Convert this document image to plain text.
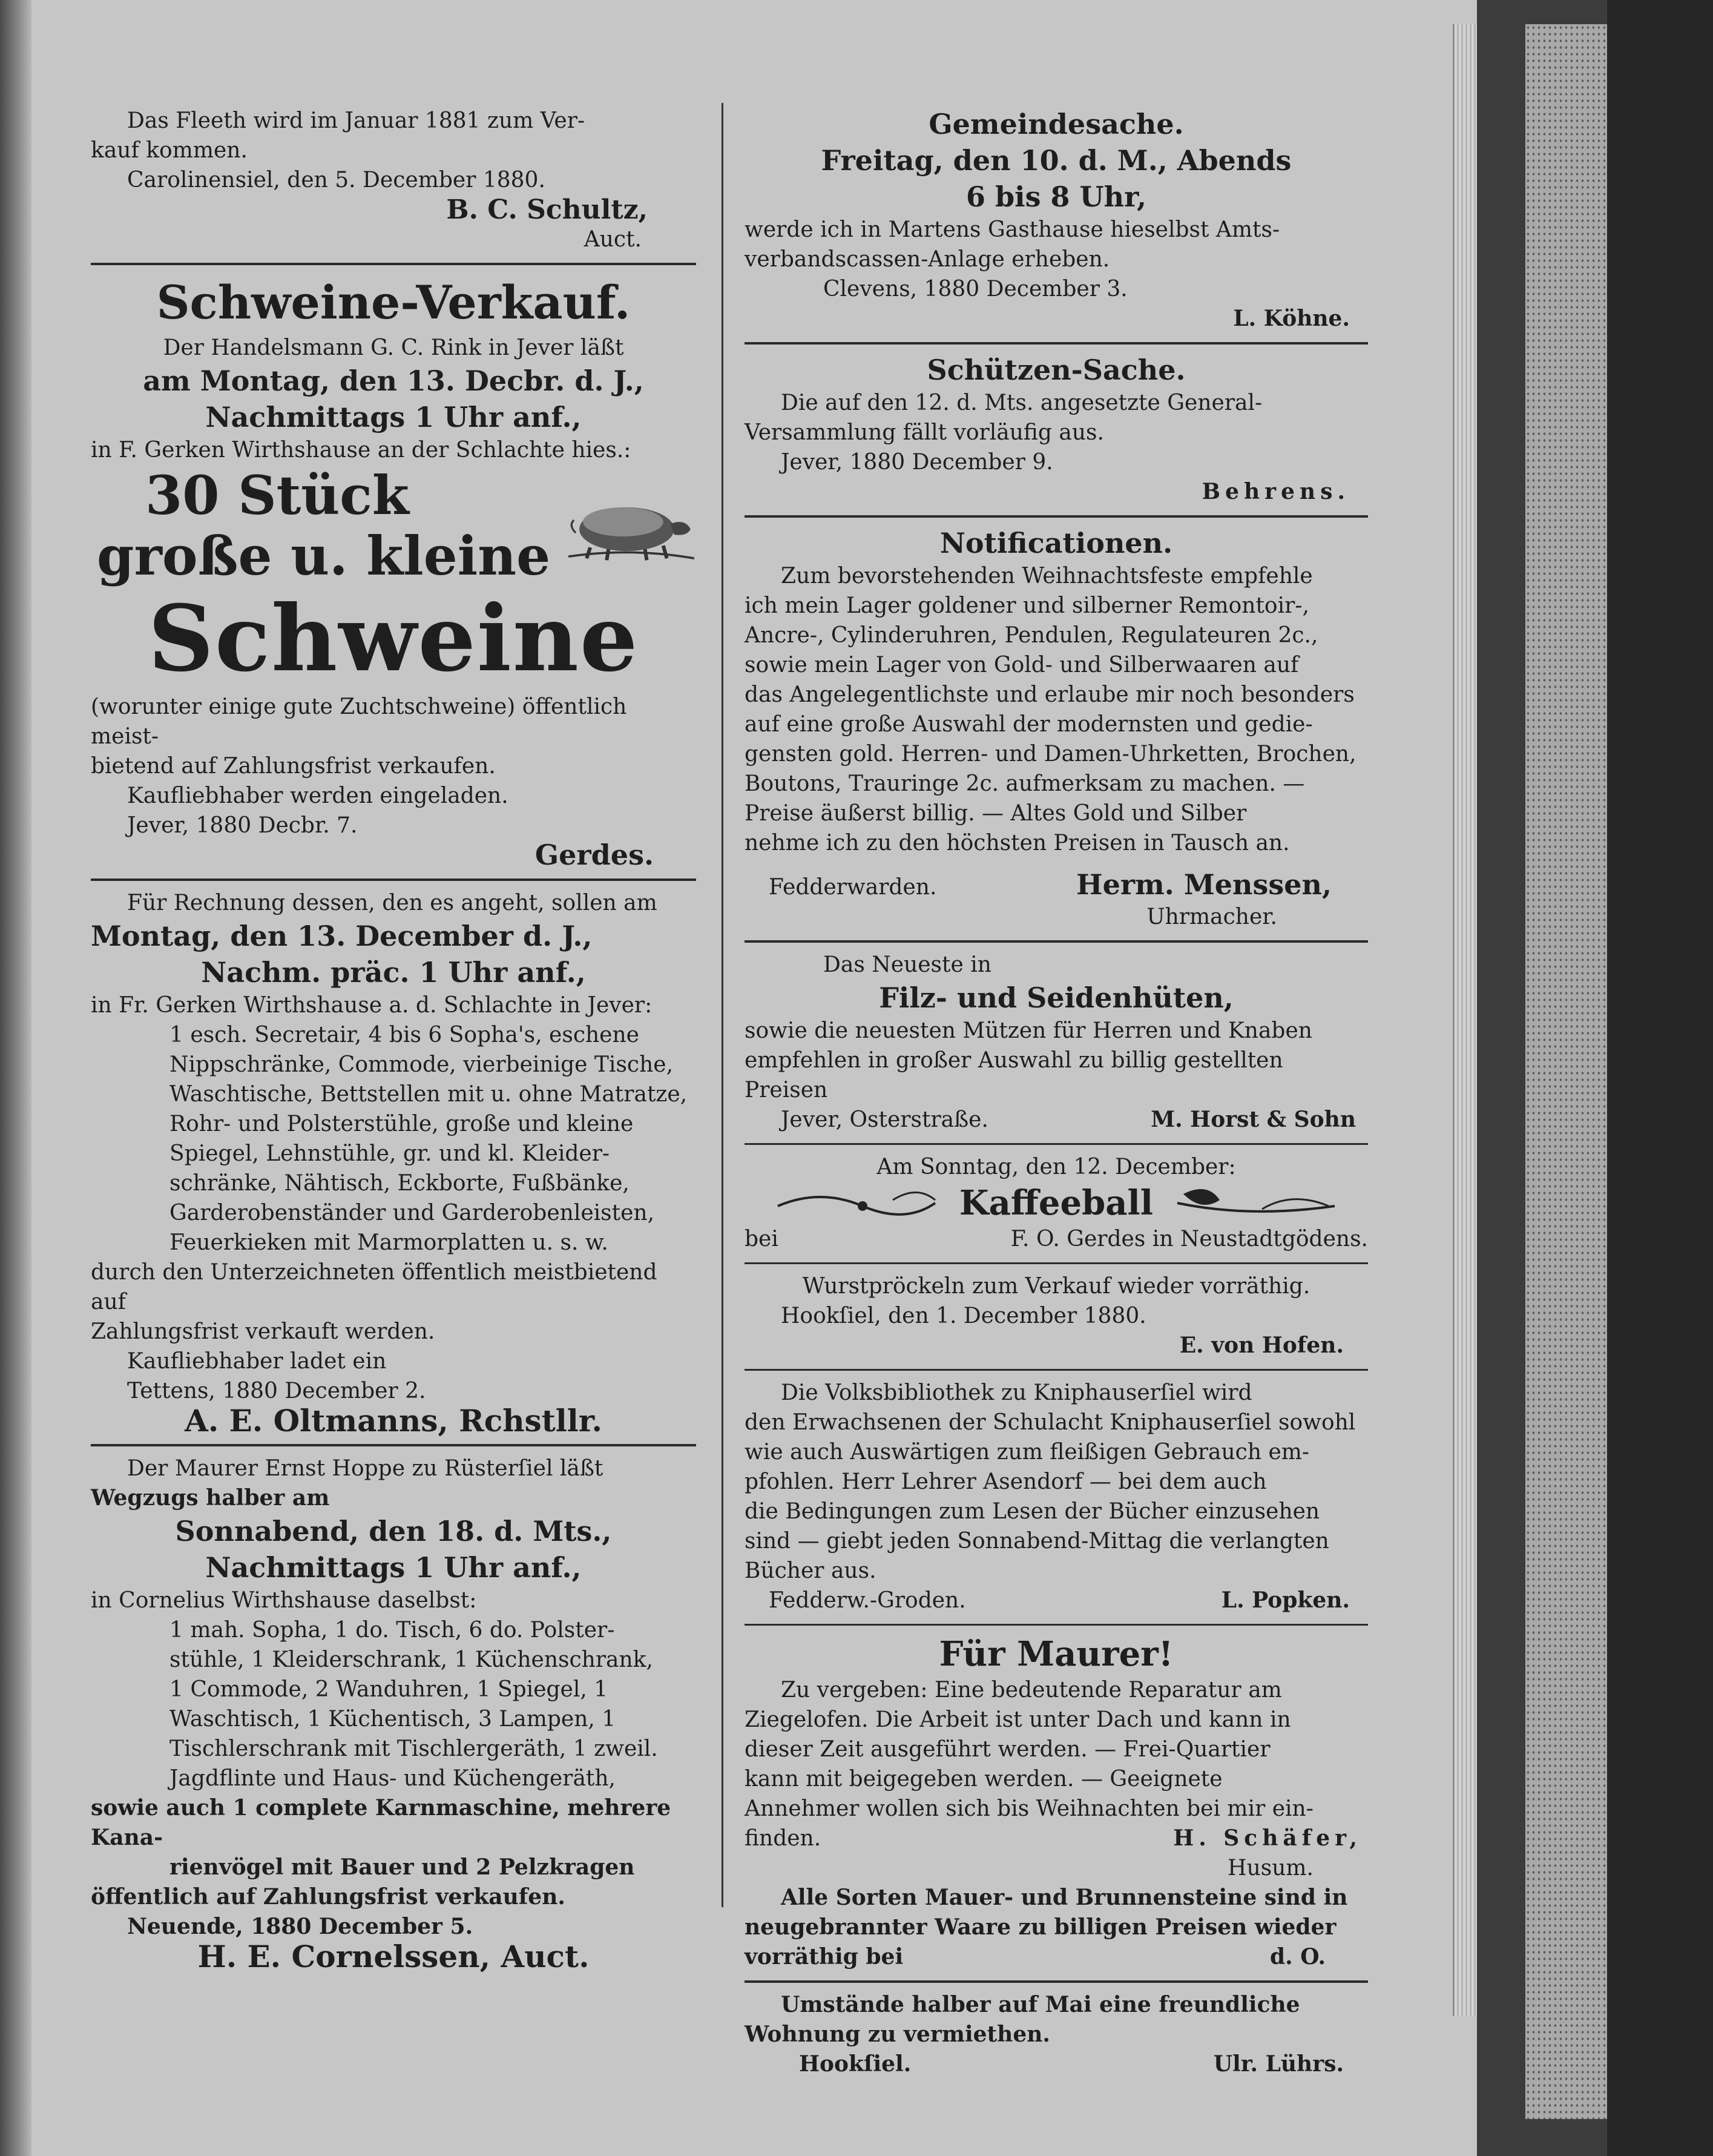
Das Fleeth wird im Januar 1881 zum Ver-

kauf kommen.

Carolinensiel, den 5. December 1880.

B. C. Schultz,

Auct.

Schweine-Verkauf.

Der Handelsmann G. C. Rink in Jever läßt

am Montag, den 13. Decbr. d. J.,

Nachmittags 1 Uhr anf.,

in F. Gerken Wirthshause an der Schlachte hies.:

30 Stück

große u. kleine

Schweine

(worunter einige gute Zuchtschweine) öffentlich meist-

bietend auf Zahlungsfrist verkaufen.

Kaufliebhaber werden eingeladen.

Jever, 1880 Decbr. 7.

Gerdes.

Für Rechnung dessen, den es angeht, sollen am

Montag, den 13. December d. J.,

Nachm. präc. 1 Uhr anf.,

in Fr. Gerken Wirthshause a. d. Schlachte in Jever:

1 esch. Secretair, 4 bis 6 Sopha's, eschene

Nippschränke, Commode, vierbeinige Tische,

Waschtische, Bettstellen mit u. ohne Matratze,

Rohr- und Polsterstühle, große und kleine

Spiegel, Lehnstühle, gr. und kl. Kleider-

schränke, Nähtisch, Eckborte, Fußbänke,

Garderobenständer und Garderobenleisten,

Feuerkieken mit Marmorplatten u. s. w.

durch den Unterzeichneten öffentlich meistbietend auf

Zahlungsfrist verkauft werden.

Kaufliebhaber ladet ein

Tettens, 1880 December 2.

A. E. Oltmanns, Rchstllr.

Der Maurer Ernst Hoppe zu Rüsterſiel läßt

Wegzugs halber am

Sonnabend, den 18. d. Mts.,

Nachmittags 1 Uhr anf.,

in Cornelius Wirthshause daselbst:

1 mah. Sopha, 1 do. Tisch, 6 do. Polster-

stühle, 1 Kleiderschrank, 1 Küchenschrank,

1 Commode, 2 Wanduhren, 1 Spiegel, 1

Waschtisch, 1 Küchentisch, 3 Lampen, 1

Tischlerschrank mit Tischlergeräth, 1 zweil.

Jagdflinte und Haus- und Küchengeräth,

sowie auch 1 complete Karnmaschine, mehrere Kana-

rienvögel mit Bauer und 2 Pelzkragen

öffentlich auf Zahlungsfrist verkaufen.

Neuende, 1880 December 5.

H. E. Cornelssen, Auct.

Gemeindesache.

Freitag, den 10. d. M., Abends

6 bis 8 Uhr,

werde ich in Martens Gasthause hieselbst Amts-

verbandscassen-Anlage erheben.

Clevens, 1880 December 3.

L. Köhne.

Schützen-Sache.

Die auf den 12. d. Mts. angesetzte General-

Versammlung fällt vorläufig aus.

Jever, 1880 December 9.

Behrens.

Notificationen.

Zum bevorstehenden Weihnachtsfeste empfehle

ich mein Lager goldener und silberner Remontoir-,

Ancre-, Cylinderuhren, Pendulen, Regulateuren 2c.,

sowie mein Lager von Gold- und Silberwaaren auf

das Angelegentlichste und erlaube mir noch besonders

auf eine große Auswahl der modernsten und gedie-

gensten gold. Herren- und Damen-Uhrketten, Brochen,

Boutons, Trauringe 2c. aufmerksam zu machen. —

Preise äußerst billig. — Altes Gold und Silber

nehme ich zu den höchsten Preisen in Tausch an.

Fedderwarden.	Herm. Menssen,

Uhrmacher.

Das Neueste in

Filz- und Seidenhüten,

sowie die neuesten Mützen für Herren und Knaben

empfehlen in großer Auswahl zu billig gestellten

Preisen

Jever, Osterstraße.	M. Horst & Sohn

Am Sonntag, den 12. December:

Kaffeeball
bei	F. O. Gerdes in Neustadtgödens.

Wurstpröckeln zum Verkauf wieder vorräthig.

Hookſiel, den 1. December 1880.

E. von Hofen.

Die Volksbibliothek zu Kniphauserſiel wird

den Erwachsenen der Schulacht Kniphauserſiel sowohl

wie auch Auswärtigen zum fleißigen Gebrauch em-

pfohlen. Herr Lehrer Asendorf — bei dem auch

die Bedingungen zum Lesen der Bücher einzusehen

sind — giebt jeden Sonnabend-Mittag die verlangten

Bücher aus.

Fedderw.-Groden.	L. Popken.

Für Maurer!

Zu vergeben: Eine bedeutende Reparatur am

Ziegelofen. Die Arbeit ist unter Dach und kann in

dieser Zeit ausgeführt werden. — Frei-Quartier

kann mit beigegeben werden. — Geeignete

Annehmer wollen sich bis Weihnachten bei mir ein-

finden.	H. Schäfer,

Husum.

Alle Sorten Mauer- und Brunnensteine sind in

neugebrannter Waare zu billigen Preisen wieder

vorräthig bei	d. O.

Umstände halber auf Mai eine freundliche

Wohnung zu vermiethen.

Hookſiel.	Ulr. Lührs.
